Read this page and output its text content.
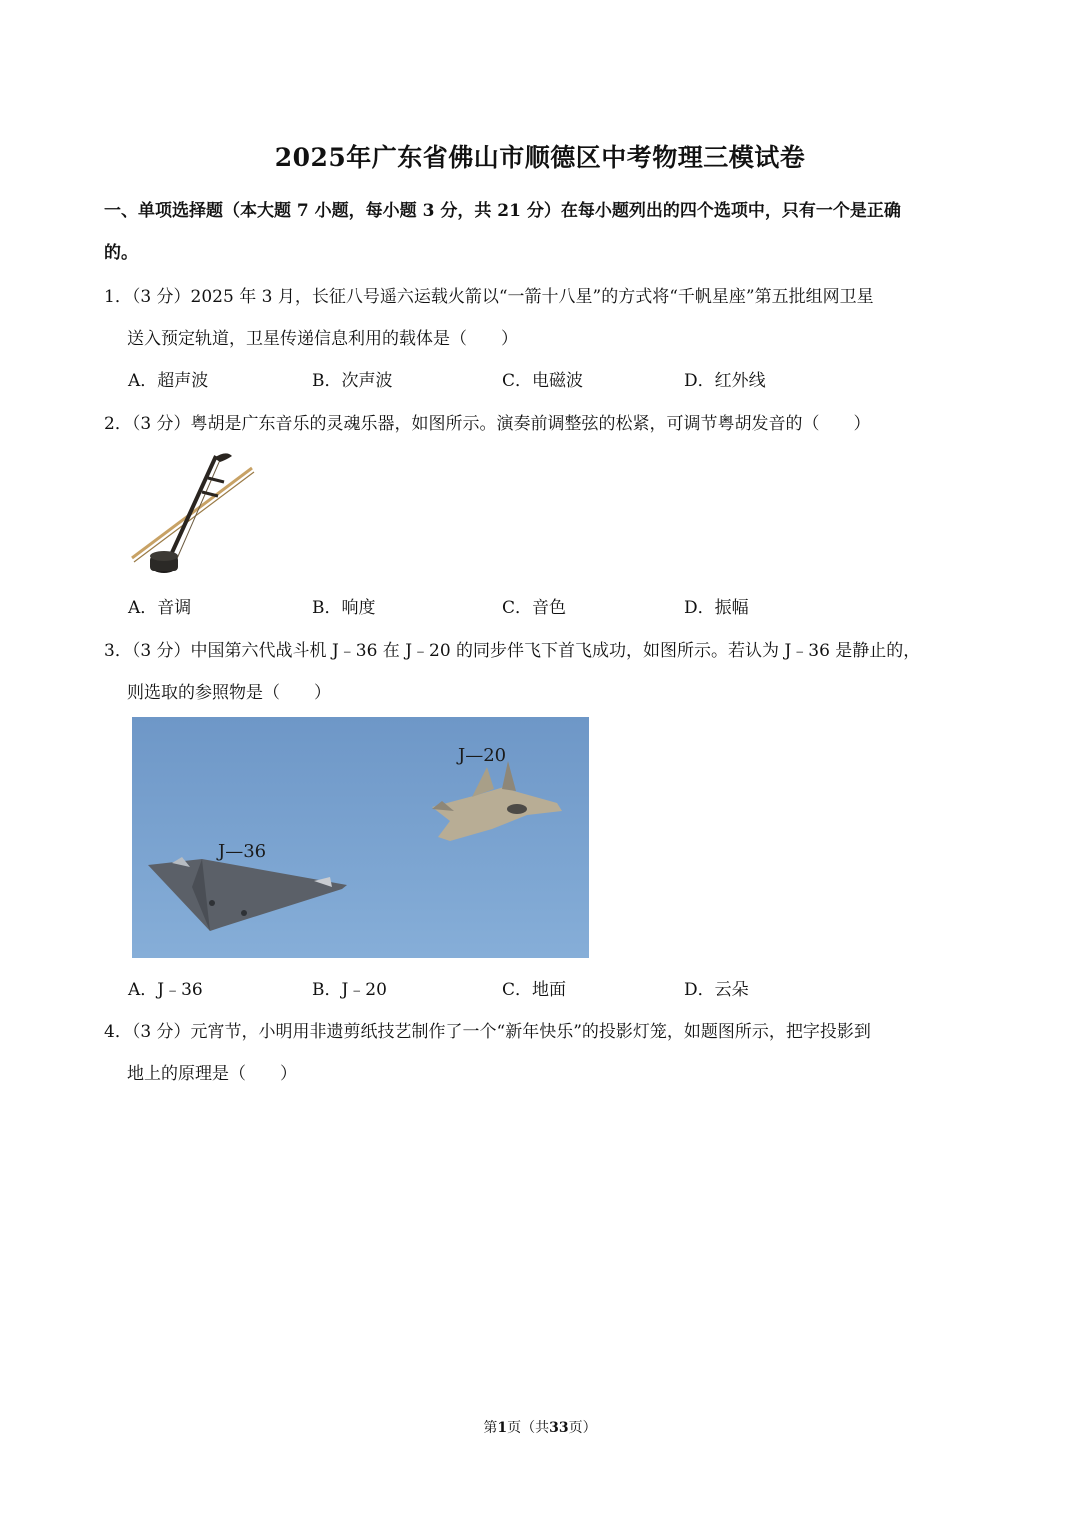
2025年广东省佛山市顺德区中考物理三模试卷
一、单项选择题（本大题 7 小题，每小题 3 分，共 21 分）在每小题列出的四个选项中，只有一个是正确
的。
1．（3 分）2025 年 3 月，长征八号遥六运载火箭以“一箭十八星”的方式将“千帆星座”第五批组网卫星
送入预定轨道，卫星传递信息利用的载体是（　　）
A．超声波	B．次声波	C．电磁波	D．红外线
2．（3 分）粤胡是广东音乐的灵魂乐器，如图所示。演奏前调整弦的松紧，可调节粤胡发音的（　　）
A．音调	B．响度	C．音色	D．振幅
3．（3 分）中国第六代战斗机 J﹣36 在 J﹣20 的同步伴飞下首飞成功，如图所示。若认为 J﹣36 是静止的，
则选取的参照物是（　　）
J—20
J—36
A．J﹣36	B．J﹣20	C．地面	D．云朵
4．（3 分）元宵节，小明用非遗剪纸技艺制作了一个“新年快乐”的投影灯笼，如题图所示，把字投影到
地上的原理是（　　）
第1页（共33页）
